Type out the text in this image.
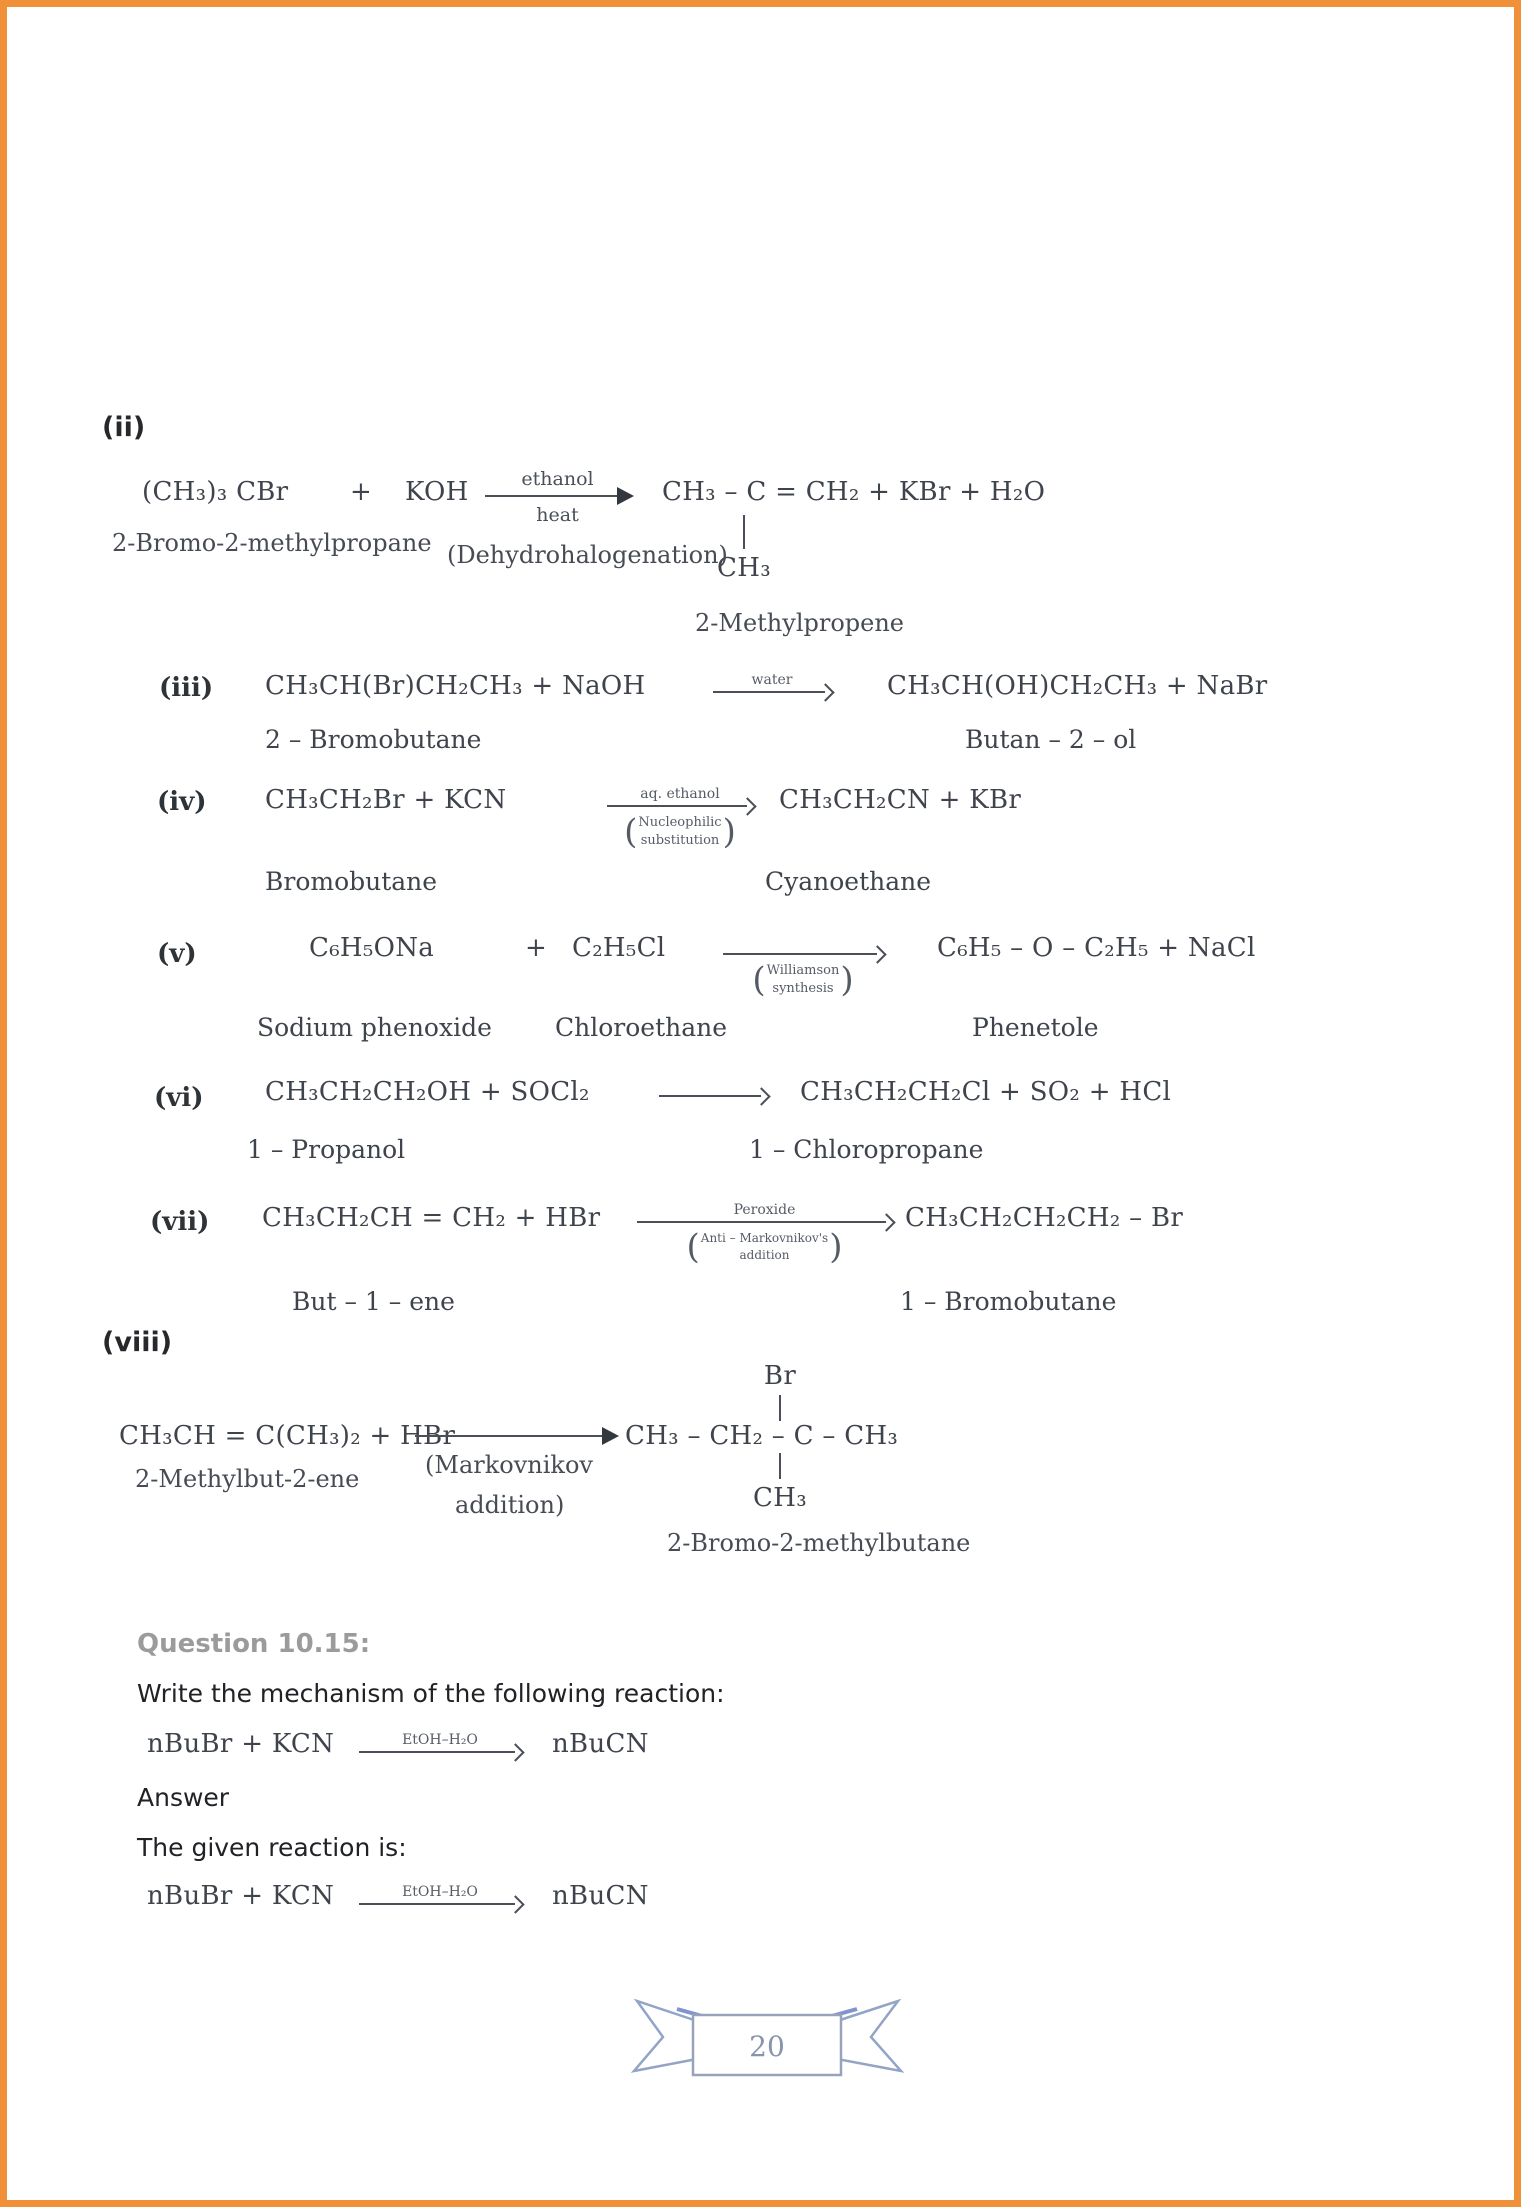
(ii)
(CH₃)₃ CBr + KOH	ethanol
heat
CH₃ – C = CH₂ + KBr + H₂O
CH₃
2-Bromo-2-methylpropane (Dehydrohalogenation)
2-Methylpropene
(iii) CH₃CH(Br)CH₂CH₃ + NaOH	water	CH₃CH(OH)CH₂CH₃ + NaBr
2 – Bromobutane	Butan – 2 – ol
(iv) CH₃CH₂Br + KCN	aq. ethanol
( Nucleophilic
substitution )
CH₃CH₂CN + KBr
Bromobutane	Cyanoethane
(v)	C₆H₅ONa	+ C₂H₅Cl
( Williamson
synthesis )
C₆H₅ – O – C₂H₅ + NaCl
Sodium phenoxide	Chloroethane	Phenetole
(vi) CH₃CH₂CH₂OH + SOCl₂	CH₃CH₂CH₂Cl + SO₂ + HCl
1 – Propanol	1 – Chloropropane
(vii) CH₃CH₂CH = CH₂ + HBr	Peroxide
( Anti – Markovnikov's
addition	)
CH₃CH₂CH₂CH₂ – Br
But – 1 – ene	1 – Bromobutane
(viii)
Br
CH₃CH = C(CH₃)₂ + HBr	CH₃ – CH₂ – C – CH₃
CH₃
(Markovnikov
addition)
2-Methylbut-2-ene
2-Bromo-2-methylbutane
Question 10.15:
Write the mechanism of the following reaction:
nBuBr + KCN	EtOH–H₂O	nBuCN
Answer
The given reaction is:
nBuBr + KCN	EtOH–H₂O	nBuCN
20
